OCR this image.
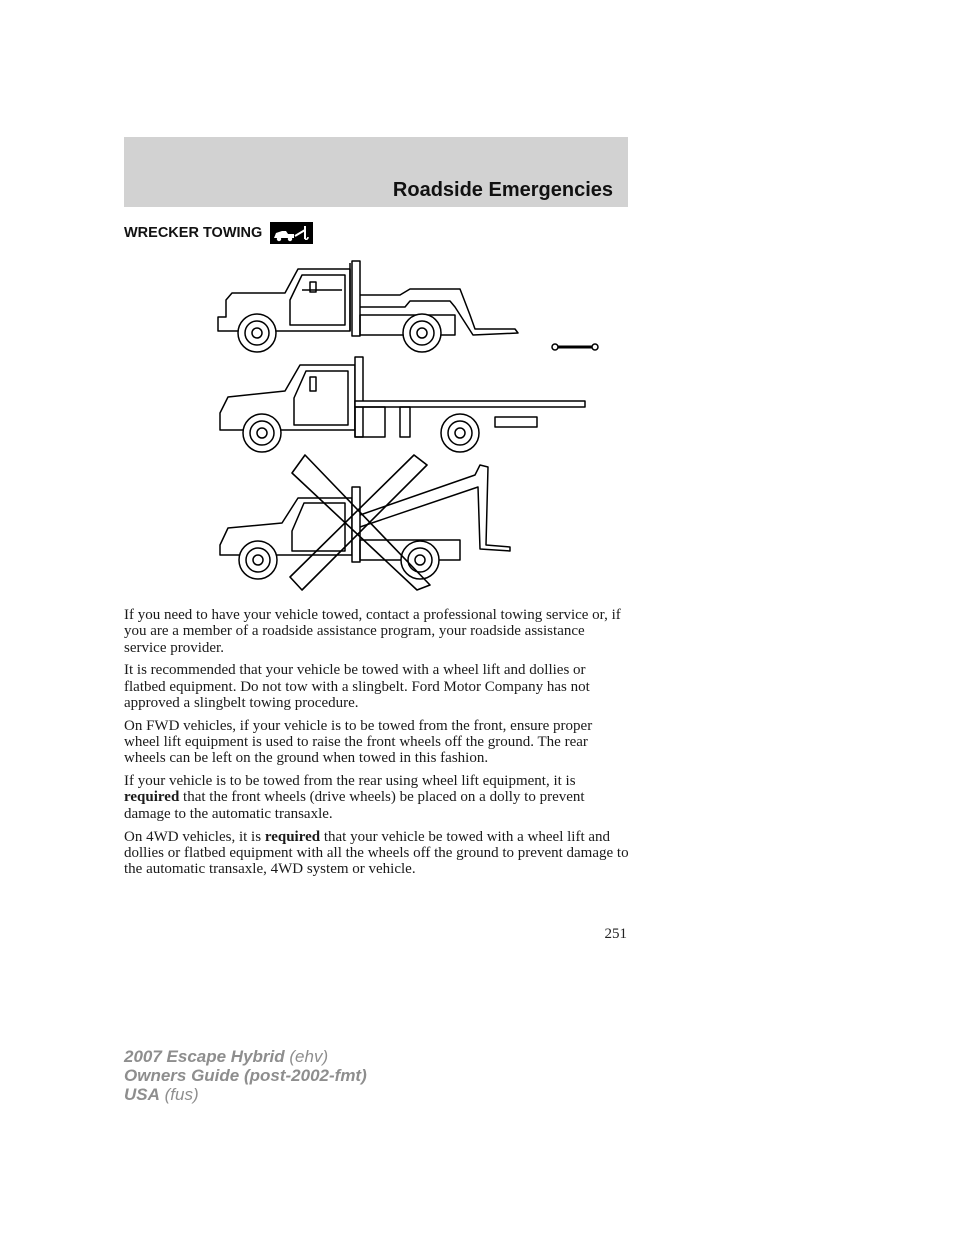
Roadside Emergencies
WRECKER TOWING

If you need to have your vehicle towed, contact a professional towing service or, if you are a member of a roadside assistance program, your roadside assistance service provider.

It is recommended that your vehicle be towed with a wheel lift and dollies or flatbed equipment. Do not tow with a slingbelt. Ford Motor Company has not approved a slingbelt towing procedure.

On FWD vehicles, if your vehicle is to be towed from the front, ensure proper wheel lift equipment is used to raise the front wheels off the ground. The rear wheels can be left on the ground when towed in this fashion.

If your vehicle is to be towed from the rear using wheel lift equipment, it is required that the front wheels (drive wheels) be placed on a dolly to prevent damage to the automatic transaxle.

On 4WD vehicles, it is required that your vehicle be towed with a wheel lift and dollies or flatbed equipment with all the wheels off the ground to prevent damage to the automatic transaxle, 4WD system or vehicle.

251
2007 Escape Hybrid (ehv)
Owners Guide (post-2002-fmt)
USA (fus)
